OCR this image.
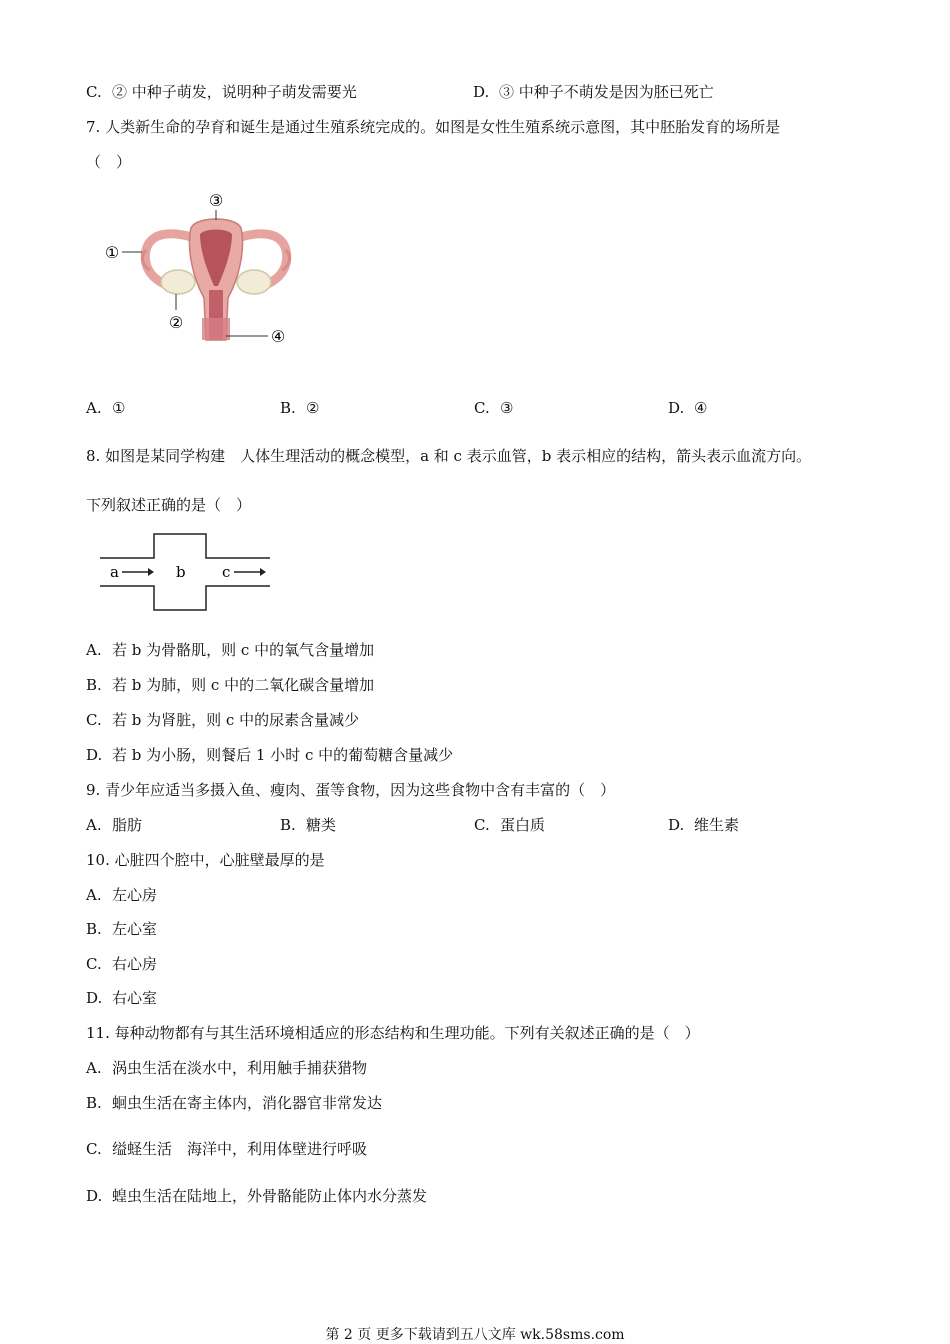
C. ② 中种子萌发，说明种子萌发需要光	D. ③ 中种子不萌发是因为胚已死亡
7. 人类新生命的孕育和诞生是通过生殖系统完成的。如图是女性生殖系统示意图，其中胚胎发育的场所是
（　）
③
①
②
④
A. ①	B. ②	C. ③	D. ④
8. 如图是某同学构建　人体生理活动的概念模型，a 和 c 表示血管，b 表示相应的结构，箭头表示血流方向。
下列叙述正确的是（　）
a	b c
A. 若 b 为骨骼肌，则 c 中的氧气含量增加
B. 若 b 为肺，则 c 中的二氧化碳含量增加
C. 若 b 为肾脏，则 c 中的尿素含量减少
D. 若 b 为小肠，则餐后 1 小时 c 中的葡萄糖含量减少
9. 青少年应适当多摄入鱼、瘦肉、蛋等食物，因为这些食物中含有丰富的（　）
A. 脂肪	B. 糖类	C. 蛋白质	D. 维生素
10. 心脏四个腔中，心脏壁最厚的是
A. 左心房
B. 左心室
C. 右心房
D. 右心室
11. 每种动物都有与其生活环境相适应的形态结构和生理功能。下列有关叙述正确的是（　）
A. 涡虫生活在淡水中，利用触手捕获猎物
B. 蛔虫生活在寄主体内，消化器官非常发达
C. 缢蛏生活　海洋中，利用体壁进行呼吸
D. 蝗虫生活在陆地上，外骨骼能防止体内水分蒸发
第 2 页 更多下载请到五八文库 wk.58sms.com
